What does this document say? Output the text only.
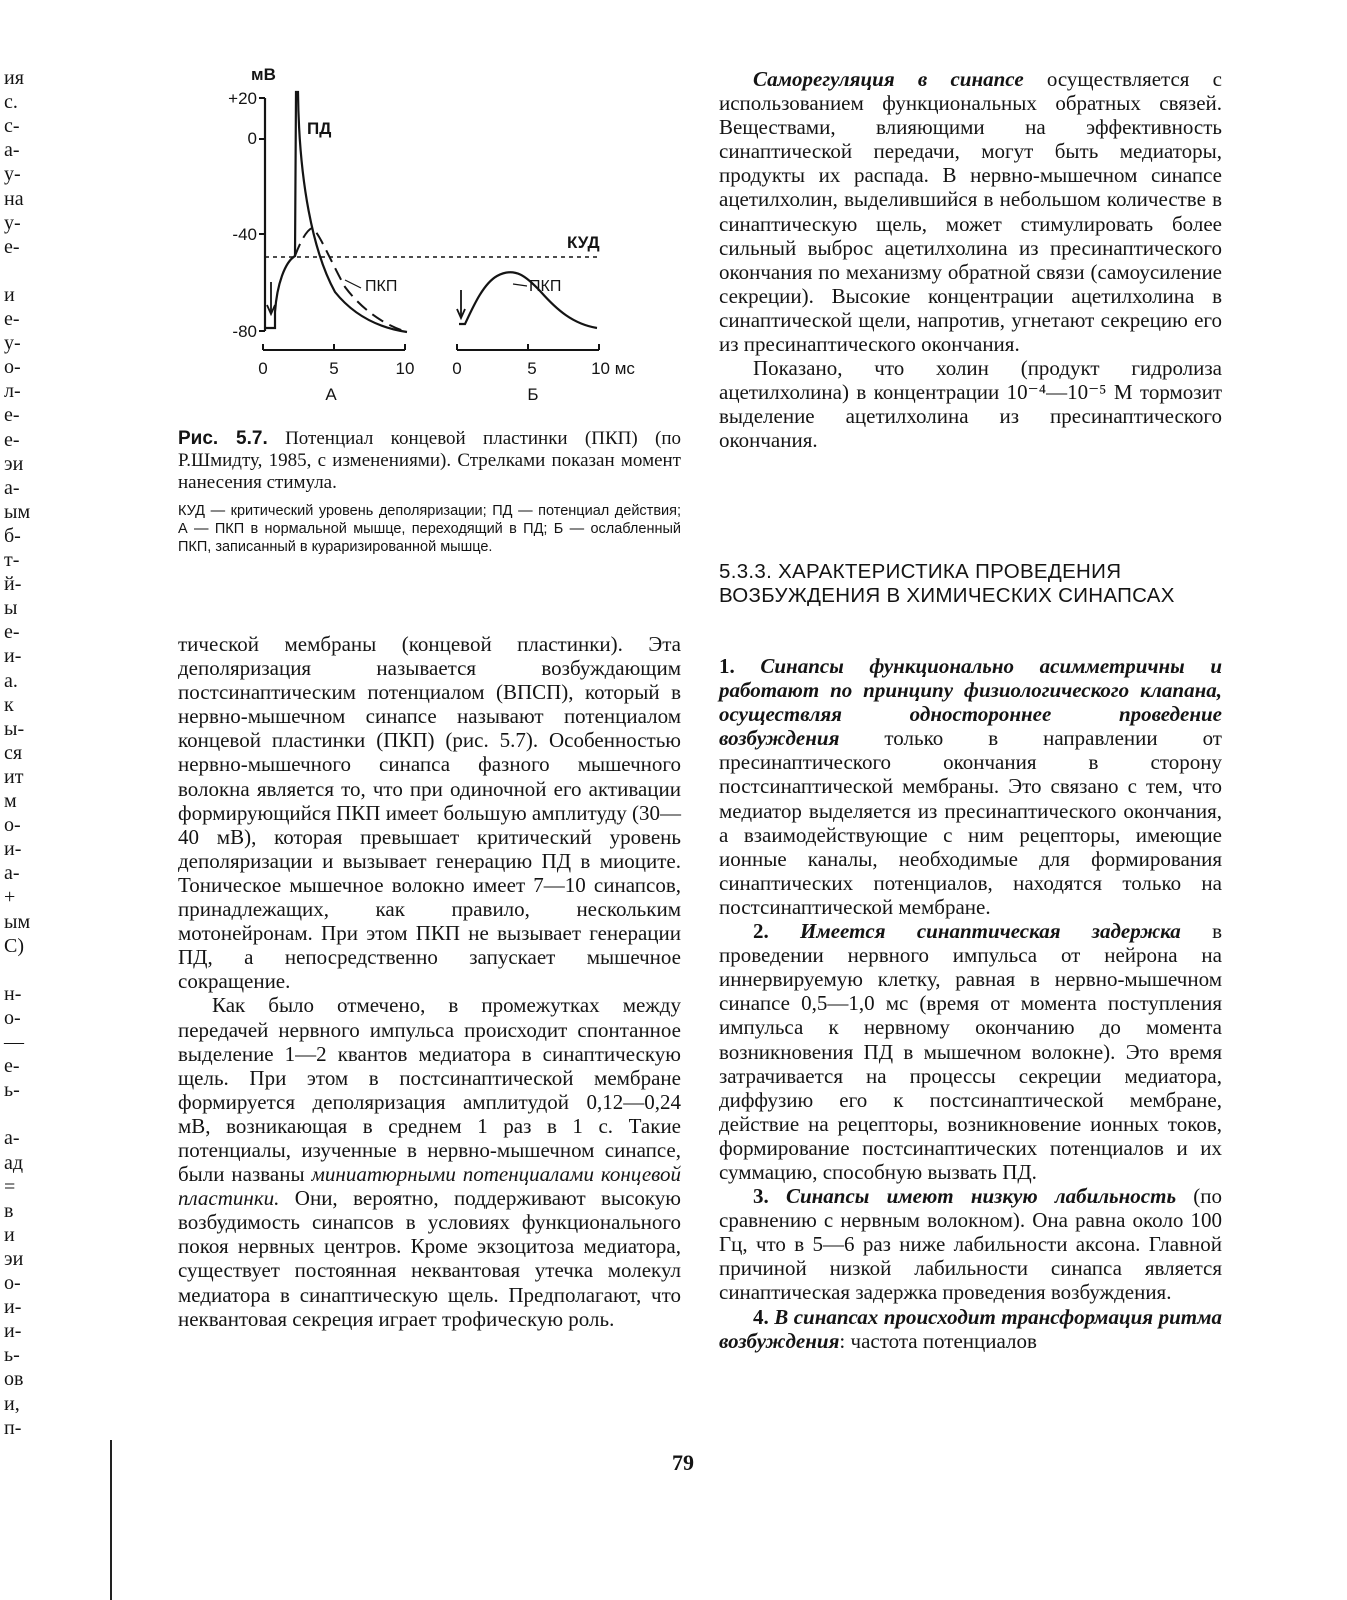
ия
с.
с-
а-
у-
на
у-
е-
и
е-
у-
о-
л-
е-
е-
эи
а-
ым
б-
т-
й-
ы
е-
и-
а.
к
ы-
ся
ит
м
о-
и-
а-
+
ым
С)
н-
о-
—
е-
ь-
а-
ад
=
в
и
эи
о-
и-
и-
ь-
ов
и,
п-
мВ
+20
0
-40
-80
КУД
ПД
ПКП
0	5	10
А
ПКП
0	5	10 мс
Б
Рис. 5.7. Потенциал концевой пластинки (ПКП) (по Р.Шмидту, 1985, с изменениями). Стрелками показан момент нанесения стимула.
КУД — критический уровень деполяризации; ПД — потенциал действия; А — ПКП в нормальной мышце, переходящий в ПД; Б — ослабленный ПКП, записанный в кураризированной мышце.

тической мембраны (концевой пластинки). Эта деполяризация называется возбуждающим постсинаптическим потенциалом (ВПСП), который в нервно-мышечном синапсе называют потенциалом концевой пластинки (ПКП) (рис. 5.7). Особенностью нервно-мышечного синапса фазного мышечного волокна является то, что при одиночной его активации формирующийся ПКП имеет большую амплитуду (30—40 мВ), которая превышает критический уровень деполяризации и вызывает генерацию ПД в миоците. Тоническое мышечное волокно имеет 7—10 синапсов, принадлежащих, как правило, нескольким мотонейронам. При этом ПКП не вызывает генерации ПД, а непосредственно запускает мышечное сокращение.

Как было отмечено, в промежутках между передачей нервного импульса происходит спонтанное выделение 1—2 квантов медиатора в синаптическую щель. При этом в постсинаптической мембране формируется деполяризация амплитудой 0,12—0,24 мВ, возникающая в среднем 1 раз в 1 с. Такие потенциалы, изученные в нервно-мышечном синапсе, были названы миниатюрными потенциалами концевой пластинки. Они, вероятно, поддерживают высокую возбудимость синапсов в условиях функционального покоя нервных центров. Кроме экзоцитоза медиатора, существует постоянная неквантовая утечка молекул медиатора в синаптическую щель. Предполагают, что неквантовая секреция играет трофическую роль.

Саморегуляция в синапсе осуществляется с использованием функциональных обратных связей. Веществами, влияющими на эффективность синаптической передачи, могут быть медиаторы, продукты их распада. В нервно-мышечном синапсе ацетилхолин, выделившийся в небольшом количестве в синаптическую щель, может стимулировать более сильный выброс ацетилхолина из пресинаптического окончания по механизму обратной связи (самоусиление секреции). Высокие концентрации ацетилхолина в синаптической щели, напротив, угнетают секрецию его из пресинаптического окончания.

Показано, что холин (продукт гидролиза ацетилхолина) в концентрации 10⁻⁴—10⁻⁵ М тормозит выделение ацетилхолина из пресинаптического окончания.

5.3.3. ХАРАКТЕРИСТИКА ПРОВЕДЕНИЯ ВОЗБУЖДЕНИЯ В ХИМИЧЕСКИХ СИНАПСАХ

1. Синапсы функционально асимметричны и работают по принципу физиологического клапана, осуществляя одностороннее проведение возбуждения только в направлении от пресинаптического окончания в сторону постсинаптической мембраны. Это связано с тем, что медиатор выделяется из пресинаптического окончания, а взаимодействующие с ним рецепторы, имеющие ионные каналы, необходимые для формирования синаптических потенциалов, находятся только на постсинаптической мембране.

2. Имеется синаптическая задержка в проведении нервного импульса от нейрона на иннервируемую клетку, равная в нервно-мышечном синапсе 0,5—1,0 мс (время от момента поступления импульса к нервному окончанию до момента возникновения ПД в мышечном волокне). Это время затрачивается на процессы секреции медиатора, диффузию его к постсинаптической мембране, действие на рецепторы, возникновение ионных токов, формирование постсинаптических потенциалов и их суммацию, способную вызвать ПД.

3. Синапсы имеют низкую лабильность (по сравнению с нервным волокном). Она равна около 100 Гц, что в 5—6 раз ниже лабильности аксона. Главной причиной низкой лабильности синапса является синаптическая задержка проведения возбуждения.

4. В синапсах происходит трансформация ритма возбуждения: частота потенциалов

79
